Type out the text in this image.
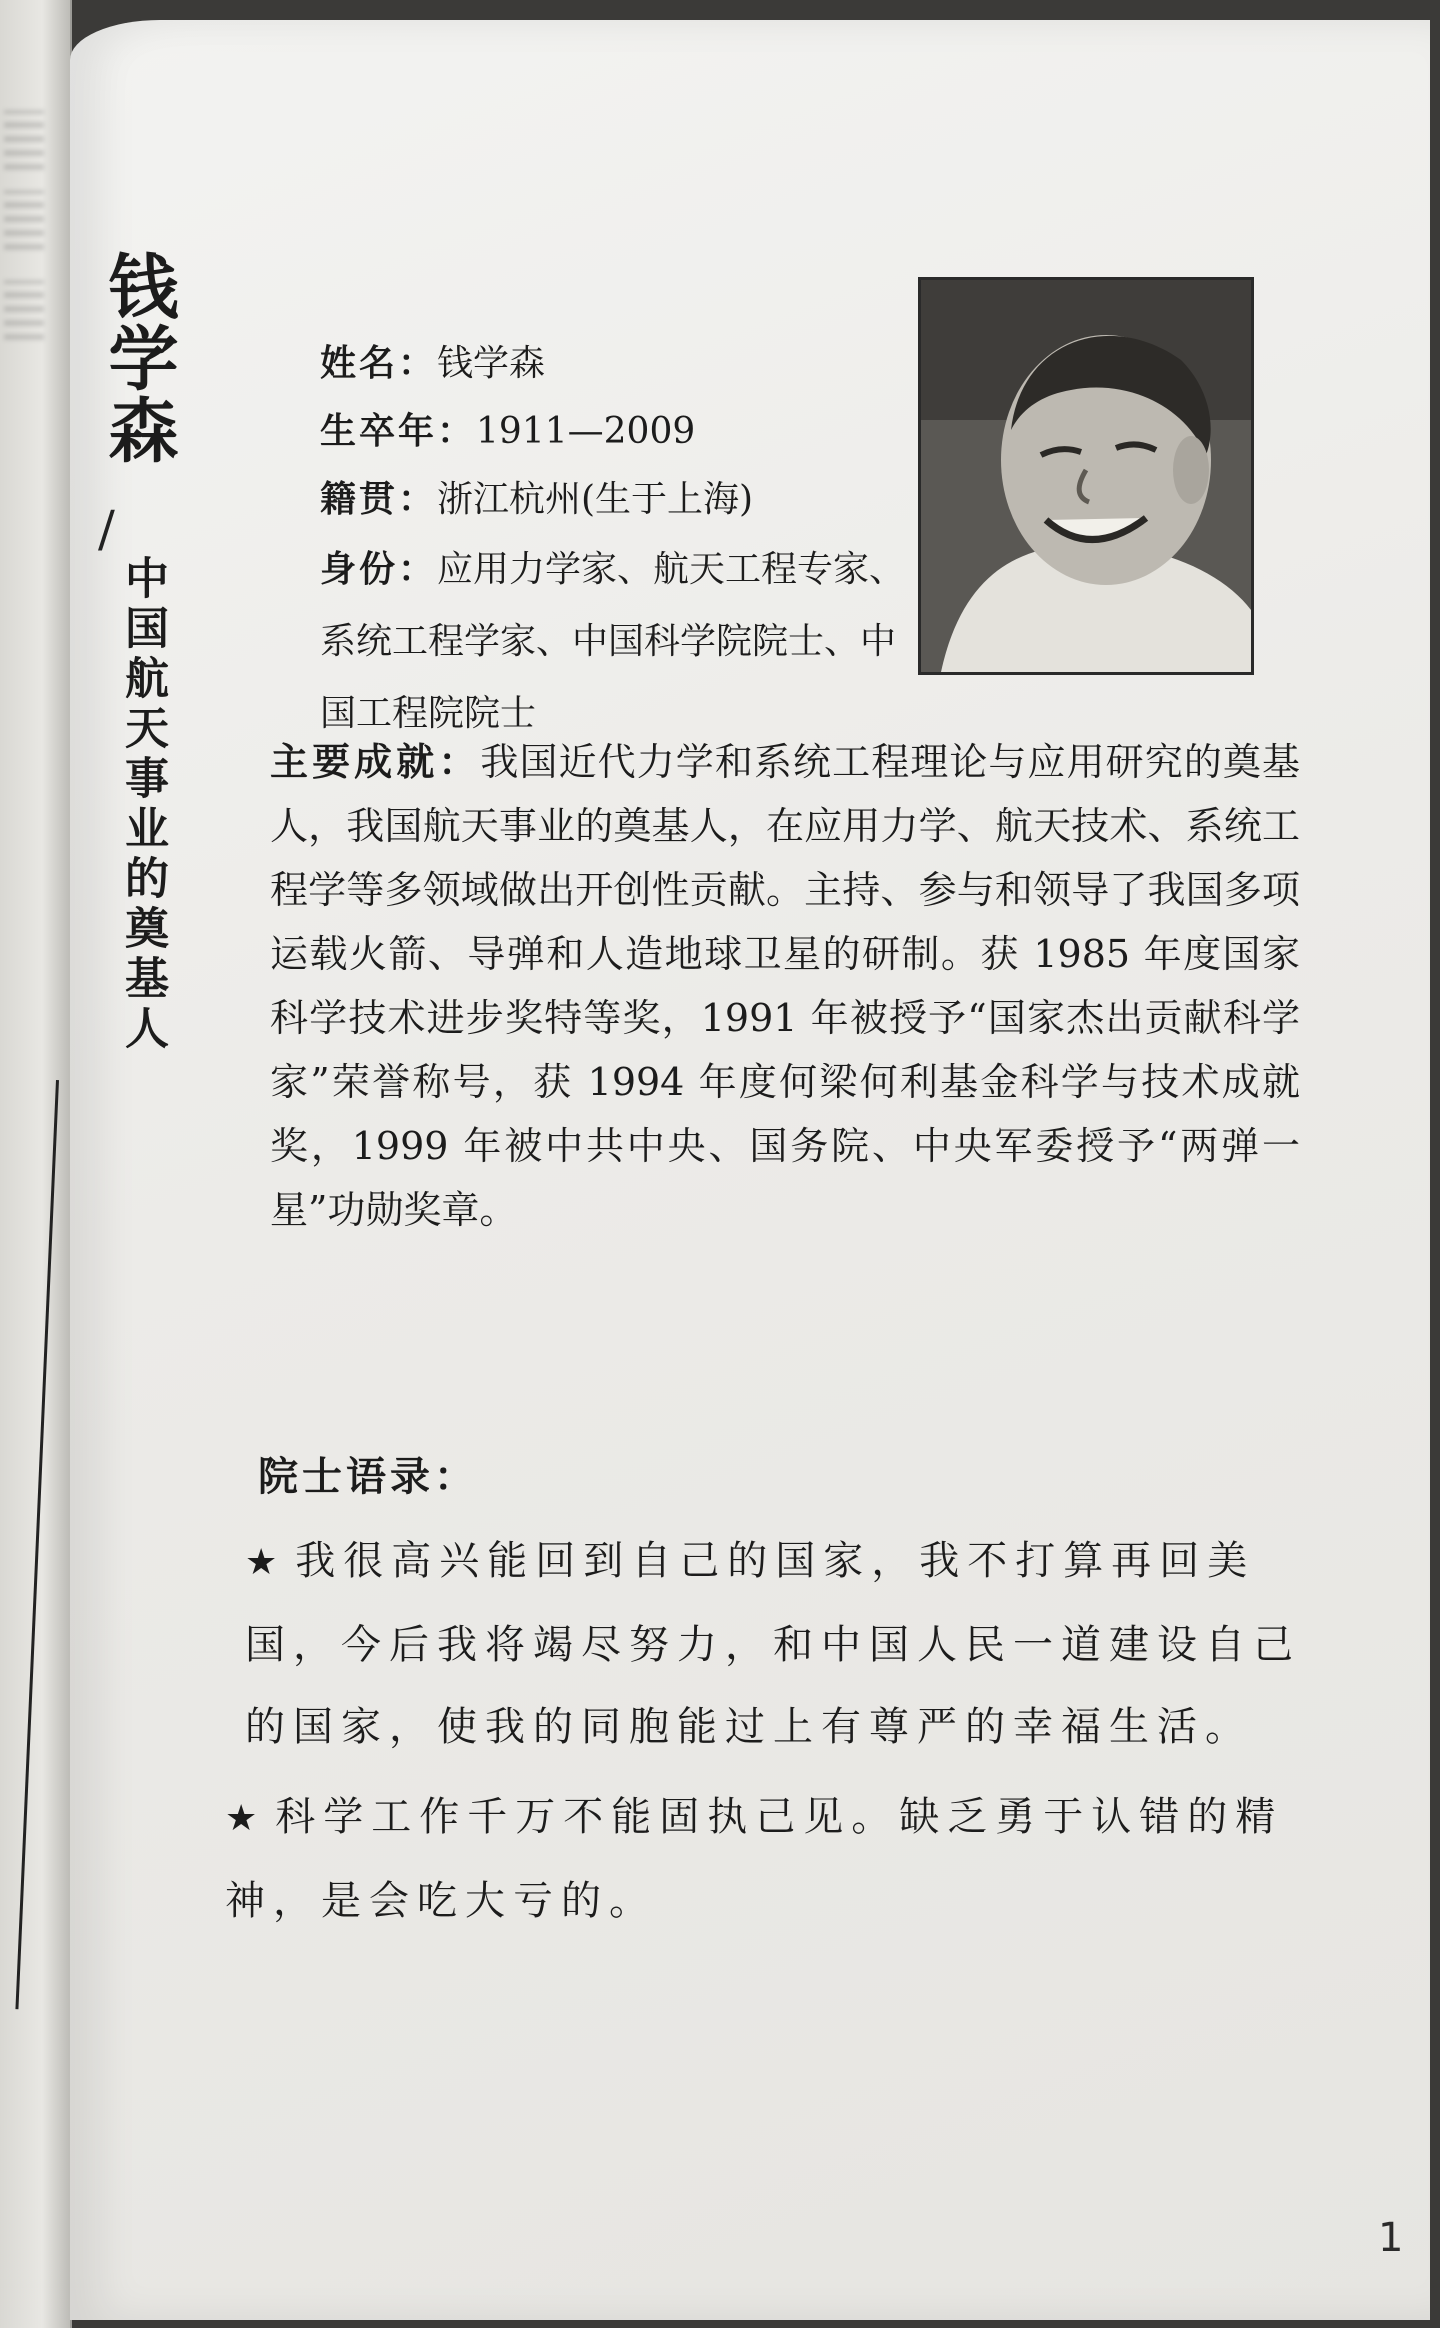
钱学森
/
中国航天事业的奠基人

姓名：钱学森

生卒年：1911—2009

籍贯：浙江杭州(生于上海)

身份：应用力学家、航天工程专家、系统工程学家、中国科学院院士、中国工程院院士

主要成就：我国近代力学和系统工程理论与应用研究的奠基人，我国航天事业的奠基人，在应用力学、航天技术、系统工程学等多领域做出开创性贡献。主持、参与和领导了我国多项运载火箭、导弹和人造地球卫星的研制。获 1985 年度国家科学技术进步奖特等奖，1991 年被授予“国家杰出贡献科学家”荣誉称号，获 1994 年度何梁何利基金科学与技术成就奖，1999 年被中共中央、国务院、中央军委授予“两弹一星”功勋奖章。

院士语录：

★ 我很高兴能回到自己的国家，我不打算再回美国，今后我将竭尽努力，和中国人民一道建设自己的国家，使我的同胞能过上有尊严的幸福生活。

★ 科学工作千万不能固执己见。缺乏勇于认错的精神，是会吃大亏的。

1
